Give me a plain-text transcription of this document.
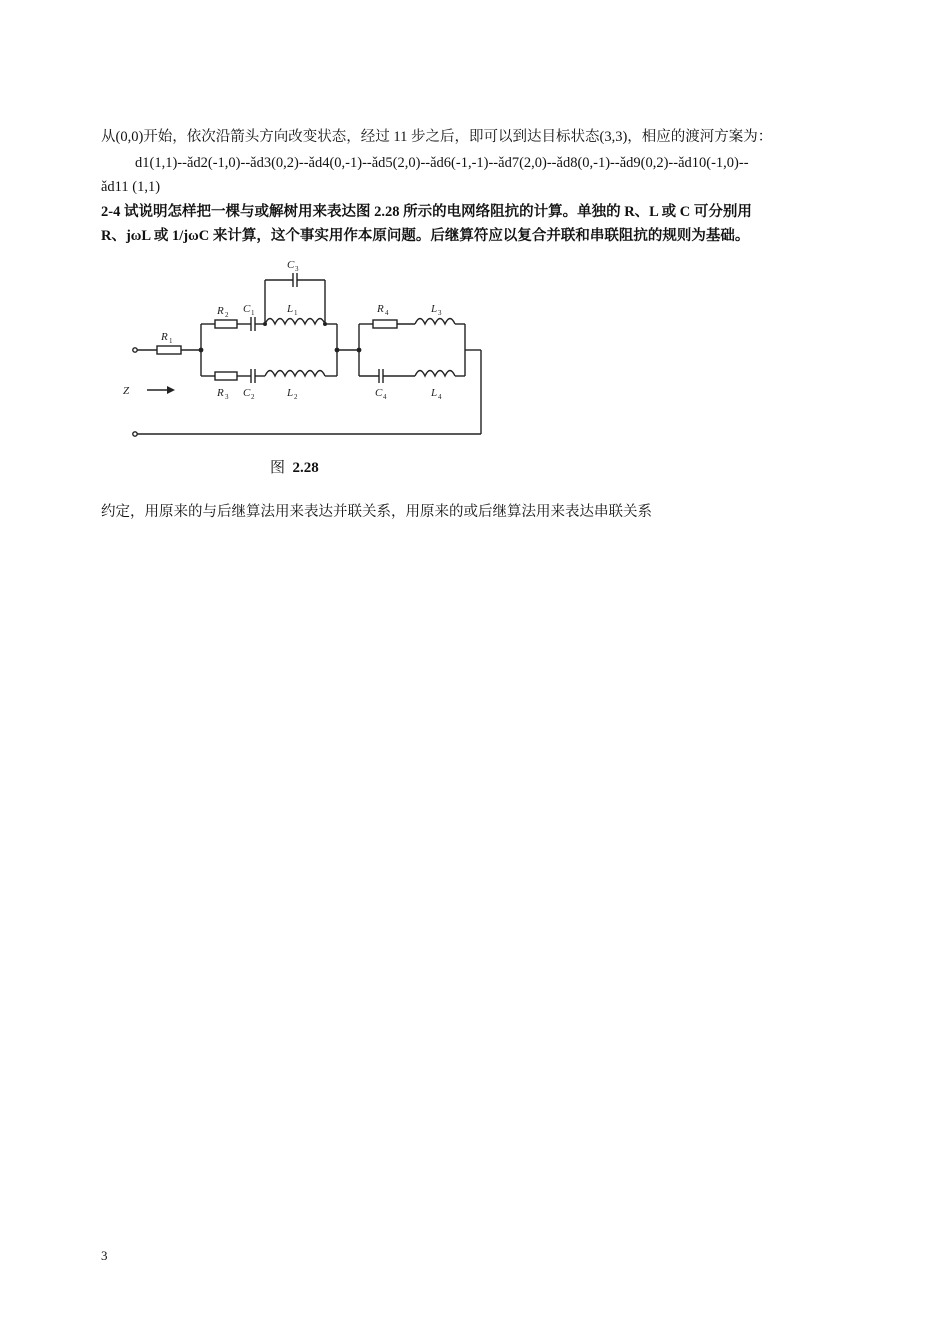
从(0,0)开始，依次沿箭头方向改变状态，经过 11 步之后，即可以到达目标状态(3,3)，相应的渡河方案为：
d1(1,1)--ǎd2(-1,0)--ǎd3(0,2)--ǎd4(0,-1)--ǎd5(2,0)--ǎd6(-1,-1)--ǎd7(2,0)--ǎd8(0,-1)--ǎd9(0,2)--ǎd10(-1,0)--
ǎd11 (1,1)
2-4 试说明怎样把一棵与或解树用来表达图 2.28 所示的电网络阻抗的计算。单独的 R、L 或 C 可分别用
R、jωL 或 1/jωC 来计算，这个事实用作本原问题。后继算符应以复合并联和串联阻抗的规则为基础。
Z
R 1
R 2 C 1	L 1
C 3
R 3 C 2	L 2
R 4	L 3
C 4	L 4
图 2.28
约定，用原来的与后继算法用来表达并联关系，用原来的或后继算法用来表达串联关系
3
